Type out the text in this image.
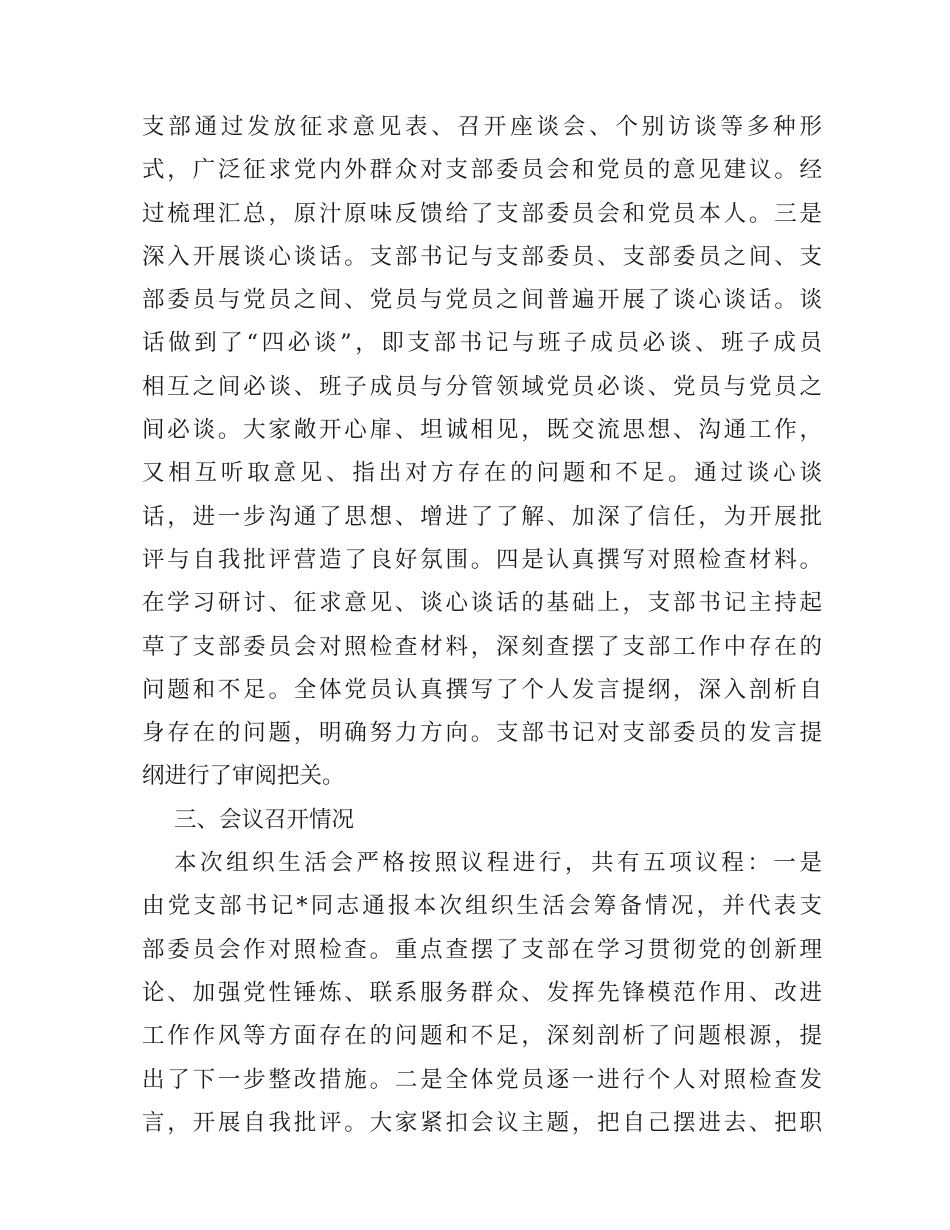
支部通过发放征求意见表、召开座谈会、个别访谈等多种形
式，广泛征求党内外群众对支部委员会和党员的意见建议。经
过梳理汇总，原汁原味反馈给了支部委员会和党员本人。三是
深入开展谈心谈话。支部书记与支部委员、支部委员之间、支
部委员与党员之间、党员与党员之间普遍开展了谈心谈话。谈
话做到了“四必谈”，即支部书记与班子成员必谈、班子成员
相互之间必谈、班子成员与分管领域党员必谈、党员与党员之
间必谈。大家敞开心扉、坦诚相见，既交流思想、沟通工作，
又相互听取意见、指出对方存在的问题和不足。通过谈心谈
话，进一步沟通了思想、增进了了解、加深了信任，为开展批
评与自我批评营造了良好氛围。四是认真撰写对照检查材料。
在学习研讨、征求意见、谈心谈话的基础上，支部书记主持起
草了支部委员会对照检查材料，深刻查摆了支部工作中存在的
问题和不足。全体党员认真撰写了个人发言提纲，深入剖析自
身存在的问题，明确努力方向。支部书记对支部委员的发言提
纲进行了审阅把关。
三、会议召开情况
本次组织生活会严格按照议程进行，共有五项议程：一是
由党支部书记*同志通报本次组织生活会筹备情况，并代表支
部委员会作对照检查。重点查摆了支部在学习贯彻党的创新理
论、加强党性锤炼、联系服务群众、发挥先锋模范作用、改进
工作作风等方面存在的问题和不足，深刻剖析了问题根源，提
出了下一步整改措施。二是全体党员逐一进行个人对照检查发
言，开展自我批评。大家紧扣会议主题，把自己摆进去、把职
